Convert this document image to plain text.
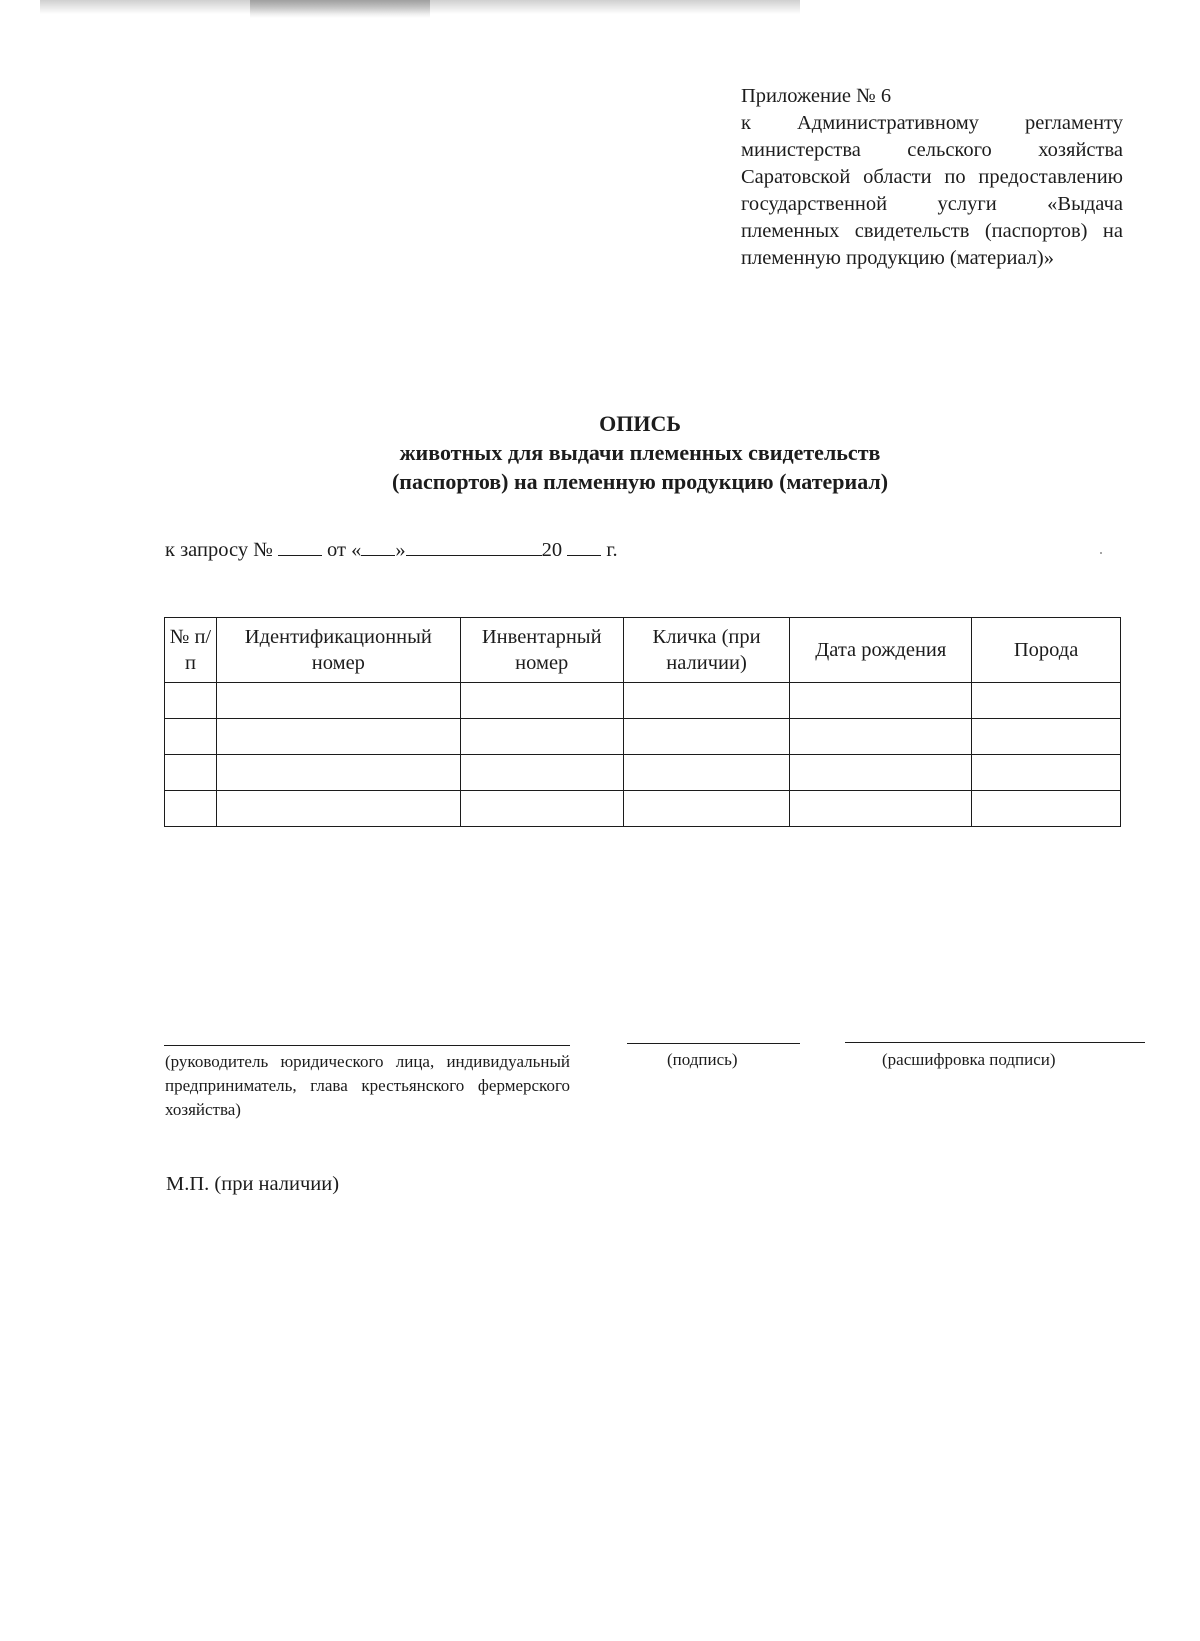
Приложение № 6
к Административному регламенту министерства сельского хозяйства Саратовской области по предоставлению государственной услуги «Выдача племенных свидетельств (паспортов) на племенную продукцию (материал)»
ОПИСЬ
животных для выдачи племенных свидетельств
(паспортов) на племенную продукцию (материал)
к запросу №	от « »	20 г.
№ п/п	Идентификационный номер	Инвентарный номер	Кличка (при наличии)	Дата рождения	Порода

(руководитель юридического лица, индивидуальный предприниматель, глава крестьянского фермерского хозяйства)
(подпись)	(расшифровка подписи)
М.П. (при наличии)
